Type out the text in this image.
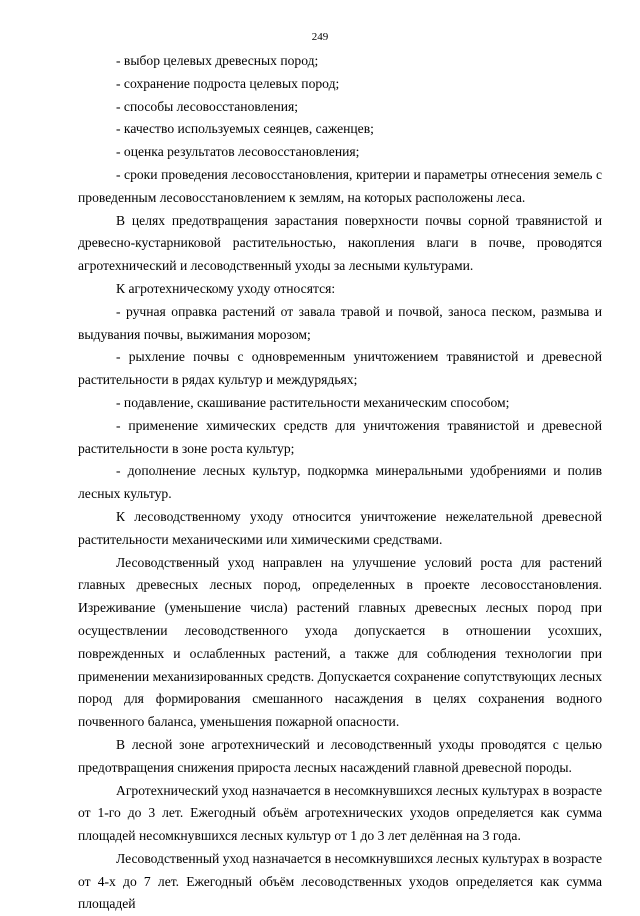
249

- выбор целевых древесных пород;

- сохранение подроста целевых пород;

- способы лесовосстановления;

- качество используемых сеянцев, саженцев;

- оценка результатов лесовосстановления;

- сроки проведения лесовосстановления, критерии и параметры отнесения земель с проведенным лесовосстановлением к землям, на которых расположены леса.

В целях предотвращения зарастания поверхности почвы сорной травянистой и древесно-кустарниковой растительностью, накопления влаги в почве, проводятся агротехнический и лесоводственный уходы за лесными культурами.

К агротехническому уходу относятся:

- ручная оправка растений от завала травой и почвой, заноса песком, размыва и выдувания почвы, выжимания морозом;

- рыхление почвы с одновременным уничтожением травянистой и древесной растительности в рядах культур и междурядьях;

- подавление, скашивание растительности механическим способом;

- применение химических средств для уничтожения травянистой и древесной растительности в зоне роста культур;

- дополнение лесных культур, подкормка минеральными удобрениями и полив лесных культур.

К лесоводственному уходу относится уничтожение нежелательной древесной растительности механическими или химическими средствами.

Лесоводственный уход направлен на улучшение условий роста для растений главных древесных лесных пород, определенных в проекте лесовосстановления. Изреживание (уменьшение числа) растений главных древесных лесных пород при осуществлении лесоводственного ухода допускается в отношении усохших, поврежденных и ослабленных растений, а также для соблюдения технологии при применении механизированных средств. Допускается сохранение сопутствующих лесных пород для формирования смешанного насаждения в целях сохранения водного почвенного баланса, уменьшения пожарной опасности.

В лесной зоне агротехнический и лесоводственный уходы проводятся с целью предотвращения снижения прироста лесных насаждений главной древесной породы.

Агротехнический уход назначается в несомкнувшихся лесных культурах в возрасте от 1-го до 3 лет. Ежегодный объём агротехнических уходов определяется как сумма площадей несомкнувшихся лесных культур от 1 до 3 лет делённая на 3 года.

Лесоводственный уход назначается в несомкнувшихся лесных культурах в возрасте от 4-х до 7 лет. Ежегодный объём лесоводственных уходов определяется как сумма площадей
